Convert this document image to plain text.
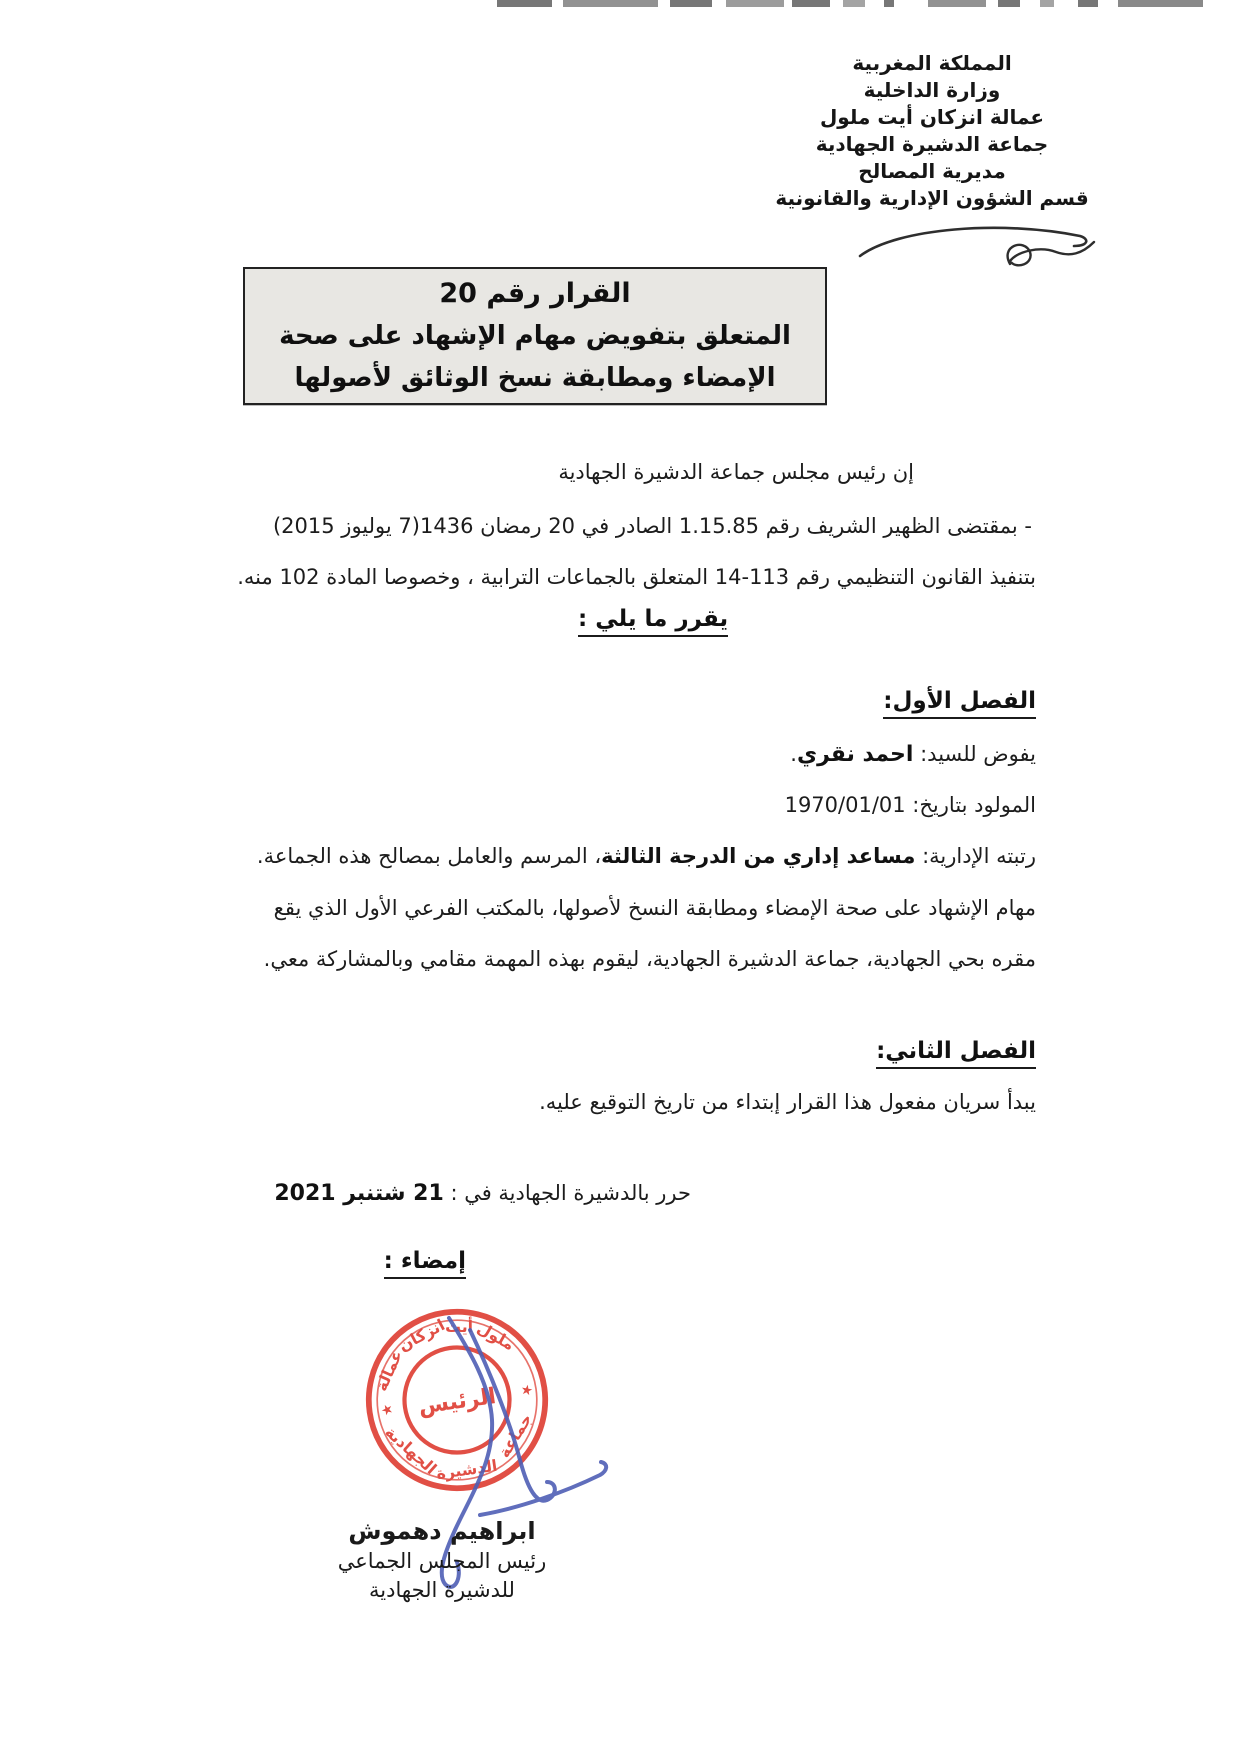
المملكة المغربية
وزارة الداخلية
عمالة انزكان أيت ملول
جماعة الدشيرة الجهادية
مديرية المصالح
قسم الشؤون الإدارية والقانونية
القرار رقم 20
المتعلق بتفويض مهام الإشهاد على صحة
الإمضاء ومطابقة نسخ الوثائق لأصولها
إن رئيس مجلس جماعة الدشيرة الجهادية
- بمقتضى الظهير الشريف رقم 1.15.85 الصادر في 20 رمضان 1436(7 يوليوز 2015)
بتنفيذ القانون التنظيمي رقم 113-14 المتعلق بالجماعات الترابية ، وخصوصا المادة 102 منه.
يقرر ما يلي :
الفصل الأول:
يفوض للسيد: احمد نقري.
المولود بتاريخ: 1970/01/01
رتبته الإدارية: مساعد إداري من الدرجة الثالثة، المرسم والعامل بمصالح هذه الجماعة.
مهام الإشهاد على صحة الإمضاء ومطابقة النسخ لأصولها، بالمكتب الفرعي الأول الذي يقع
مقره بحي الجهادية، جماعة الدشيرة الجهادية، ليقوم بهذه المهمة مقامي وبالمشاركة معي.
الفصل الثاني:
يبدأ سريان مفعول هذا القرار إبتداء من تاريخ التوقيع عليه.
حرر بالدشيرة الجهادية في : 21 شتنبر 2021
إمضاء :
عمالة
انزكان
أيت ملول
★
★
جماعة
الدشيرة
الجهادية
الرئيس
ابراهيم دهموش
رئيس المجلس الجماعي
للدشيرة الجهادية
